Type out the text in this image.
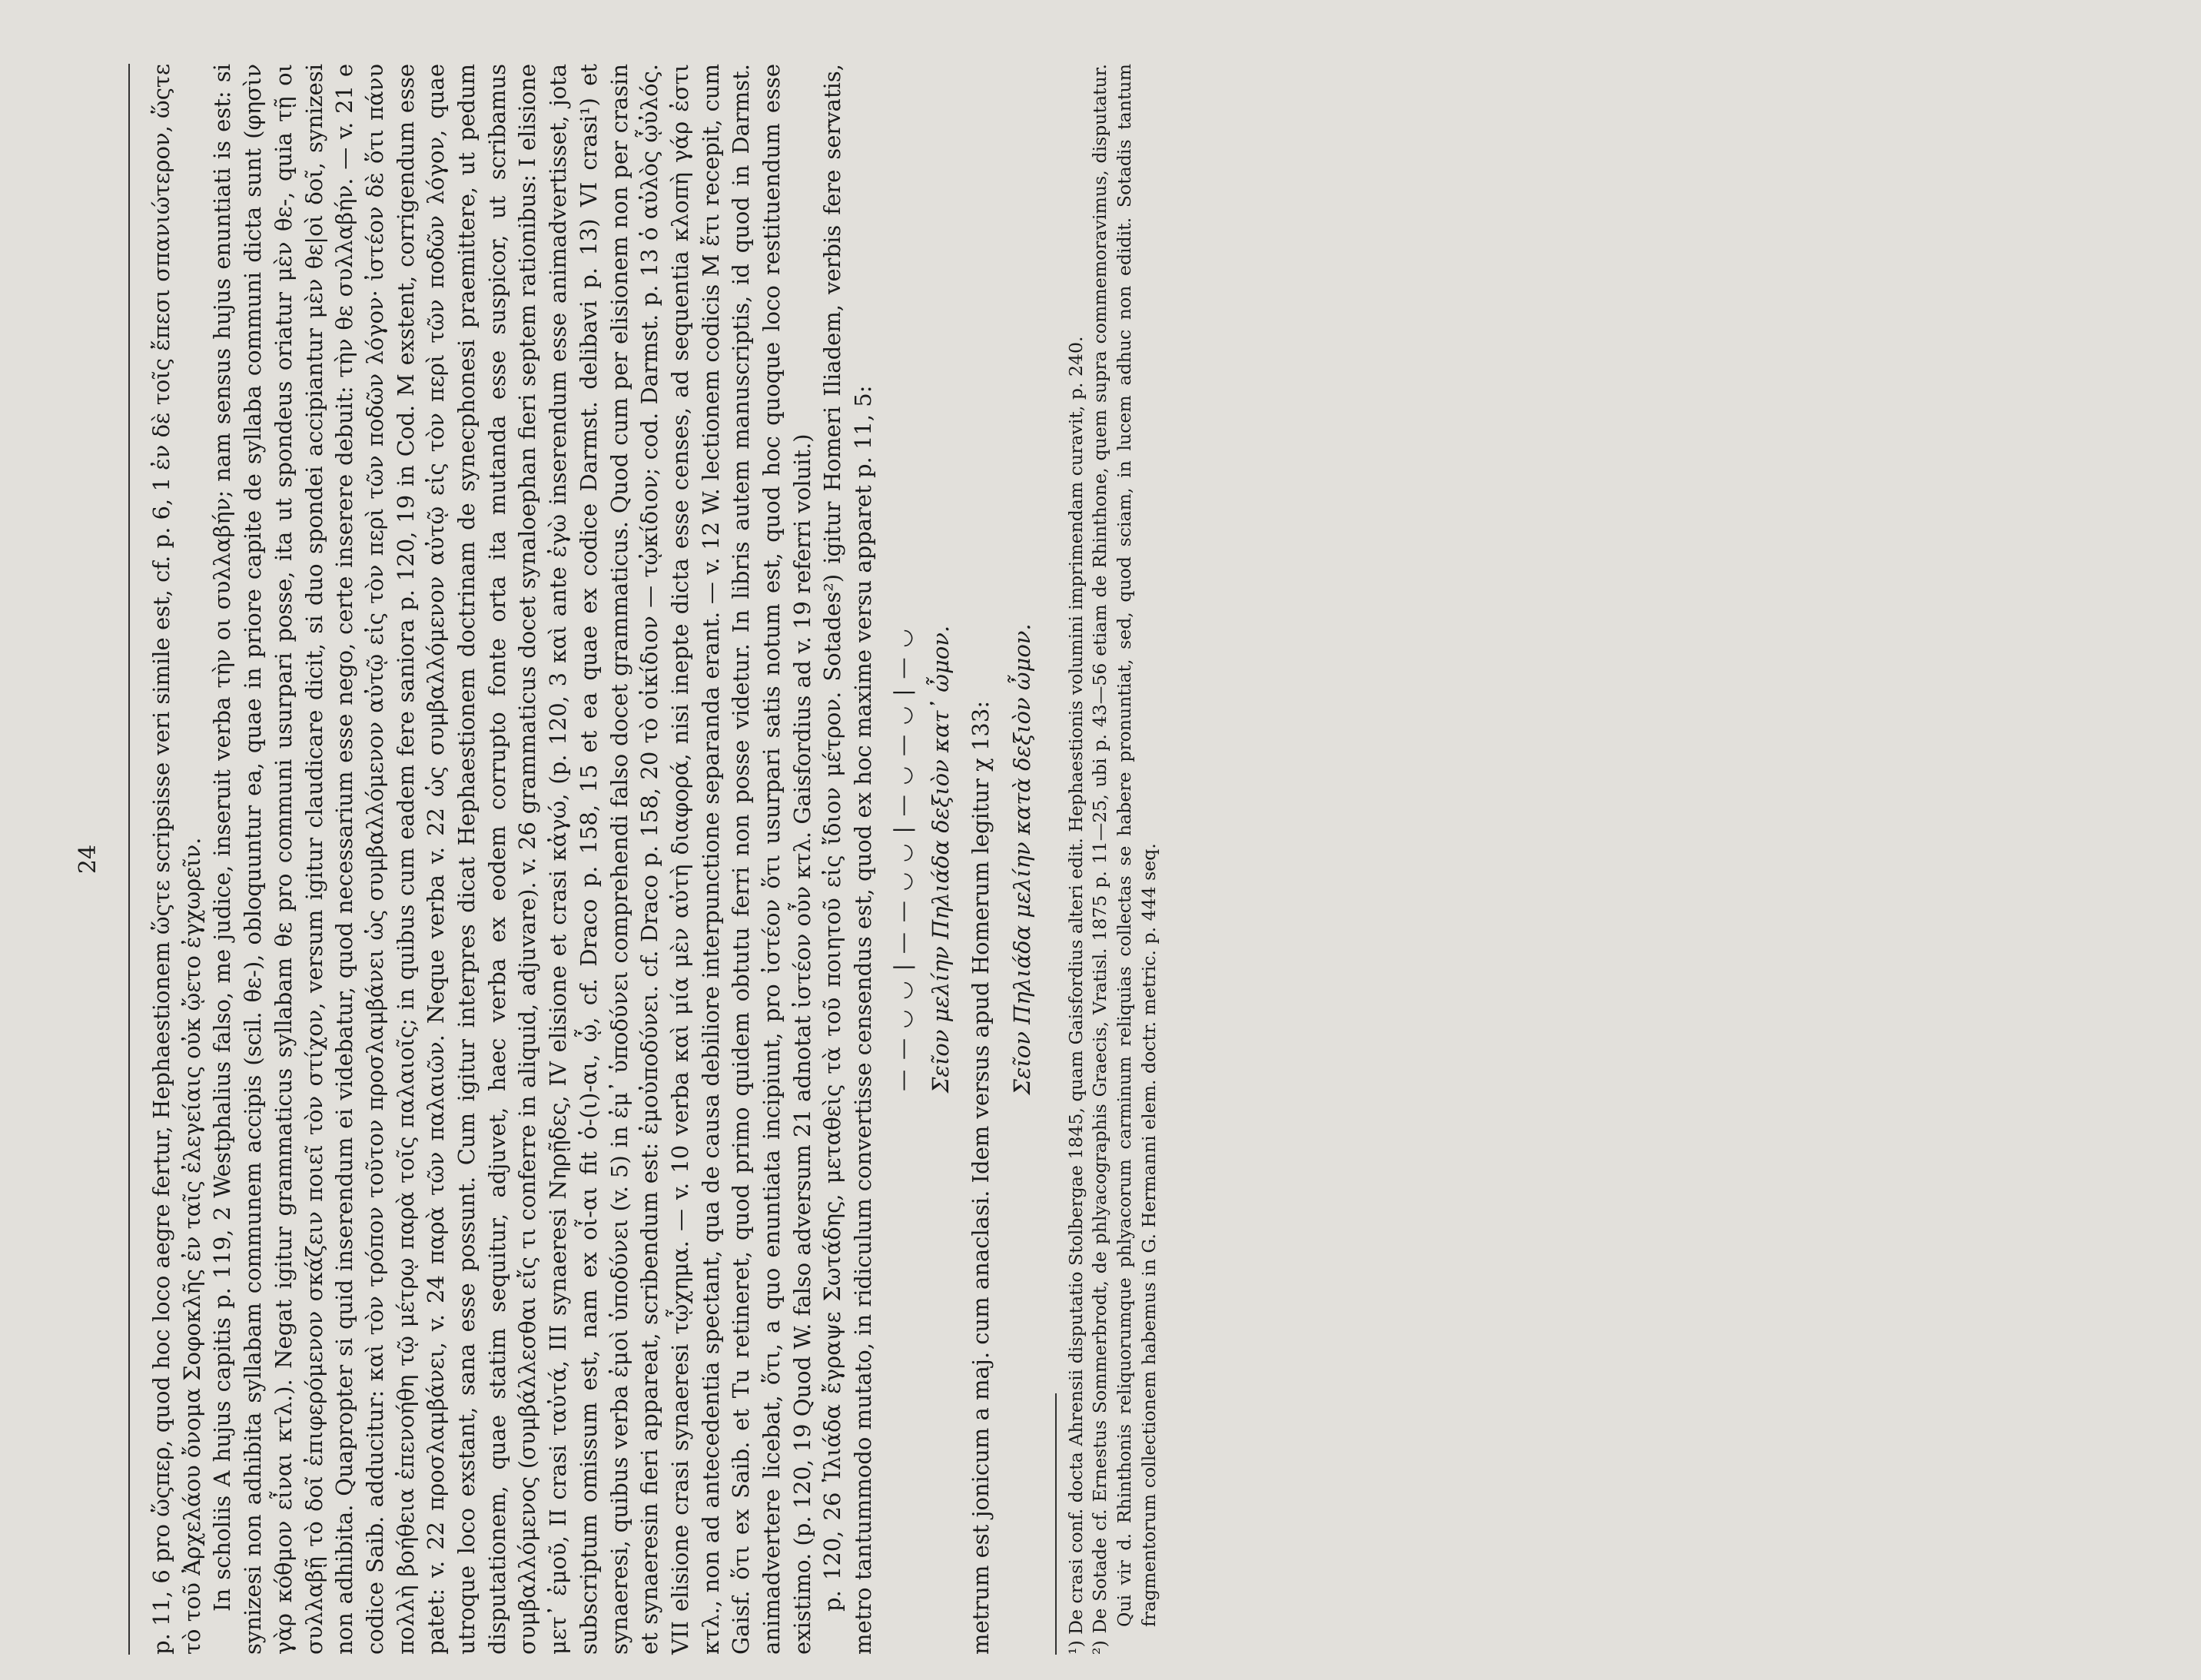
24 p. 11, 6 pro ὥςπερ, quod hoc loco aegre fertur, Hephaestionem ὥςτε scripsisse veri simile est, cf. p. 6, 1 ἐν δὲ τοῖς ἔπεσι σπανιώτερον, ὥςτε τὸ τοῦ Ἀρχελάου ὄνομα Σοφοκλῆς ἐν ταῖς ἐλεγείαις οὐκ ᾤετο ἐγχωρεῖν. In scholiis A hujus capitis p. 119, 2 Westphalius falso, me judice, inseruit verba τὴν οι συλλαβήν; nam sensus hujus enuntiati is est: si synizesi non adhibita syllabam communem accipis (scil. θε-), obloquuntur ea, quae in priore capite de syllaba communi dicta sunt (φησὶν γὰρ κόθμον εἶναι κτλ.). Negat igitur grammaticus syllabam θε pro communi usurpari posse, ita ut spondeus oriatur μὲν θε-, quia τῇ οι συλλαβῇ τὸ δοῖ ἐπιφερόμενον σκάζειν ποιεῖ τὸν στίχον, versum igitur claudicare dicit, si duo spondei accipiantur μὲν θε|οὶ δοῖ, synizesi non adhibita. Quapropter si quid inserendum ei videbatur, quod necessarium esse nego, certe inserere debuit: τὴν θε συλλαβήν. — v. 21 e codice Saib. adducitur: καὶ τὸν τρόπον τοῦτον προσλαμβάνει ὡς συμβαλλόμενον αὐτῷ εἰς τὸν περὶ τῶν ποδῶν λόγον· ἰστέον δὲ ὅτι πάνυ πολλὴ βοήθεια ἐπενοήθη τῷ μέτρῳ παρὰ τοῖς παλαιοῖς; in quibus cum eadem fere saniora p. 120, 19 in Cod. M exstent, corrigendum esse patet: v. 22 προσλαμβάνει, v. 24 παρὰ τῶν παλαιῶν. Neque verba v. 22 ὡς συμβαλλόμενον αὐτῷ εἰς τὸν περὶ τῶν ποδῶν λόγον, quae utroque loco exstant, sana esse possunt. Cum igitur interpres dicat Hephaestionem doctrinam de synecphonesi praemittere, ut pedum disputationem, quae statim sequitur, adjuvet, haec verba ex eodem corrupto fonte orta ita mutanda esse suspicor, ut scribamus συμβαλλόμενος (συμβάλλεσθαι εἴς τι conferre in aliquid, adjuvare). v. 26 grammaticus docet synaloephan fieri septem rationibus: I elisione μετ᾽ ἐμοῦ, II crasi ταὐτά, III synaeresi Νηρῇδες, IV elisione et crasi κἀγώ, (p. 120, 3 καὶ ante ἐγὼ inserendum esse animadvertisset, jota subscriptum omissum est, nam ex οἷ-αι fit ὁ-(ι)-αι, ᾧ, cf. Draco p. 158, 15 et ea quae ex codice Darmst. delibavi p. 13) VI crasi¹) et synaeresi, quibus verba ἐμοὶ ὑποδύνει (v. 5) in ἐμ᾽ ὑποδύνει comprehendi falso docet grammaticus. Quod cum per elisionem non per crasin et synaeresin fieri appareat, scribendum est: ἐμοὐποδύνει. cf. Draco p. 158, 20 τὸ οἰκίδιον — τᾠκίδιον; cod. Darmst. p. 13 ὁ αὐλὸς ᾧὐλός. VII elisione crasi synaeresi τᾦχημα. — v. 10 verba καὶ μία μὲν αὐτὴ διαφορά, nisi inepte dicta esse censes, ad sequentia κλοπὴ γάρ ἐστι κτλ., non ad antecedentia spectant, qua de causa debiliore interpunctione separanda erant. — v. 12 W. lectionem codicis M ἔτι recepit, cum Gaisf. ὅτι ex Saib. et Tu retineret, quod primo quidem obtutu ferri non posse videtur. In libris autem manuscriptis, id quod in Darmst. animadvertere licebat, ὅτι, a quo enuntiata incipiunt, pro ἰστέον ὅτι usurpari satis notum est, quod hoc quoque loco restituendum esse existimo. (p. 120, 19 Quod W. falso adversum 21 adnotat ἰστέον οὖν κτλ. Gaisfordius ad v. 19 referri voluit.) p. 120, 26 Ἰλιάδα ἔγραψε Σωτάδης, μεταθεὶς τὰ τοῦ ποιητοῦ εἰς ἴδιον μέτρον. Sotades²) igitur Homeri Iliadem, verbis fere servatis, metro tantummodo mutato, in ridiculum convertisse censendus est, quod ex hoc maxime versu apparet p. 11, 5: — — ◡ ◡ | — — ◡ ◡ | — ◡ — ◡ | — ◡ Σεῖον μελίην Πηλιάδα δεξιὸν κατ᾽ ὦμον. metrum est jonicum a maj. cum anaclasi. Idem versus apud Homerum legitur χ 133: Σεῖον Πηλιάδα μελίην κατὰ δεξιὸν ὦμον. ¹) De crasi conf. docta Ahrensii disputatio Stolbergae 1845, quam Gaisfordius alteri edit. Hephaestionis volumini imprimendam curavit, p. 240. ²) De Sotade cf. Ernestus Sommerbrodt, de phlyacographis Graecis, Vratisl. 1875 p. 11—25, ubi p. 43—56 etiam de Rhinthone, quem supra commemoravimus, disputatur. Qui vir d. Rhinthonis reliquorumque phlyacorum carminum reliquias collectas se habere pronuntiat, sed, quod sciam, in lucem adhuc non edidit. Sotadis tantum fragmentorum collectionem habemus in G. Hermanni elem. doctr. metric. p. 444 seq.
